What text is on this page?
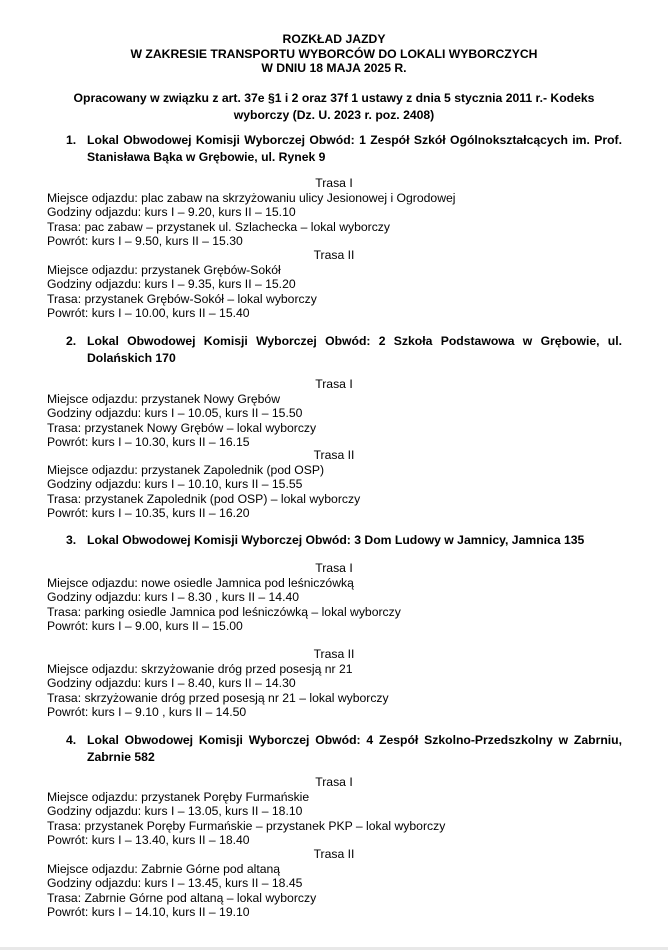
ROZKŁAD JAZDY
W ZAKRESIE TRANSPORTU WYBORCÓW DO LOKALI WYBORCZYCH
W DNIU 18 MAJA 2025 R.
Opracowany w związku z art. 37e §1 i 2 oraz 37f 1 ustawy z dnia 5 stycznia 2011 r.- Kodeks wyborczy (Dz. U. 2023 r. poz. 2408)
1. Lokal Obwodowej Komisji Wyborczej Obwód: 1 Zespół Szkół Ogólnokształcących im. Prof. Stanisława Bąka w Grębowie, ul. Rynek 9
Trasa I
Miejsce odjazdu: plac zabaw na skrzyżowaniu ulicy Jesionowej i Ogrodowej
Godziny odjazdu: kurs I – 9.20, kurs II – 15.10
Trasa: pac zabaw – przystanek ul. Szlachecka – lokal wyborczy
Powrót: kurs I – 9.50, kurs II – 15.30
Trasa II
Miejsce odjazdu: przystanek Grębów-Sokół
Godziny odjazdu: kurs I – 9.35, kurs II – 15.20
Trasa: przystanek Grębów-Sokół – lokal wyborczy
Powrót: kurs I – 10.00, kurs II – 15.40
2. Lokal Obwodowej Komisji Wyborczej Obwód: 2 Szkoła Podstawowa w Grębowie, ul. Dolańskich 170
Trasa I
Miejsce odjazdu: przystanek Nowy Grębów
Godziny odjazdu: kurs I – 10.05, kurs II – 15.50
Trasa: przystanek Nowy Grębów – lokal wyborczy
Powrót: kurs I – 10.30, kurs II – 16.15
Trasa II
Miejsce odjazdu: przystanek Zapolednik (pod OSP)
Godziny odjazdu: kurs I – 10.10, kurs II – 15.55
Trasa: przystanek Zapolednik (pod OSP) – lokal wyborczy
Powrót: kurs I – 10.35, kurs II – 16.20
3. Lokal Obwodowej Komisji Wyborczej Obwód: 3 Dom Ludowy w Jamnicy, Jamnica 135
Trasa I
Miejsce odjazdu: nowe osiedle Jamnica pod leśniczówką
Godziny odjazdu: kurs I – 8.30 , kurs II – 14.40
Trasa: parking osiedle Jamnica pod leśniczówką – lokal wyborczy
Powrót: kurs I – 9.00, kurs II – 15.00
Trasa II
Miejsce odjazdu: skrzyżowanie dróg przed posesją nr 21
Godziny odjazdu: kurs I – 8.40, kurs II – 14.30
Trasa: skrzyżowanie dróg przed posesją nr 21 – lokal wyborczy
Powrót: kurs I – 9.10 , kurs II – 14.50
4. Lokal Obwodowej Komisji Wyborczej Obwód: 4 Zespół Szkolno-Przedszkolny w Zabrniu, Zabrnie 582
Trasa I
Miejsce odjazdu: przystanek Poręby Furmańskie
Godziny odjazdu: kurs I – 13.05, kurs II – 18.10
Trasa: przystanek Poręby Furmańskie – przystanek PKP – lokal wyborczy
Powrót: kurs I – 13.40, kurs II – 18.40
Trasa II
Miejsce odjazdu: Zabrnie Górne pod altaną
Godziny odjazdu: kurs I – 13.45, kurs II – 18.45
Trasa: Zabrnie Górne pod altaną – lokal wyborczy
Powrót: kurs I – 14.10, kurs II – 19.10
